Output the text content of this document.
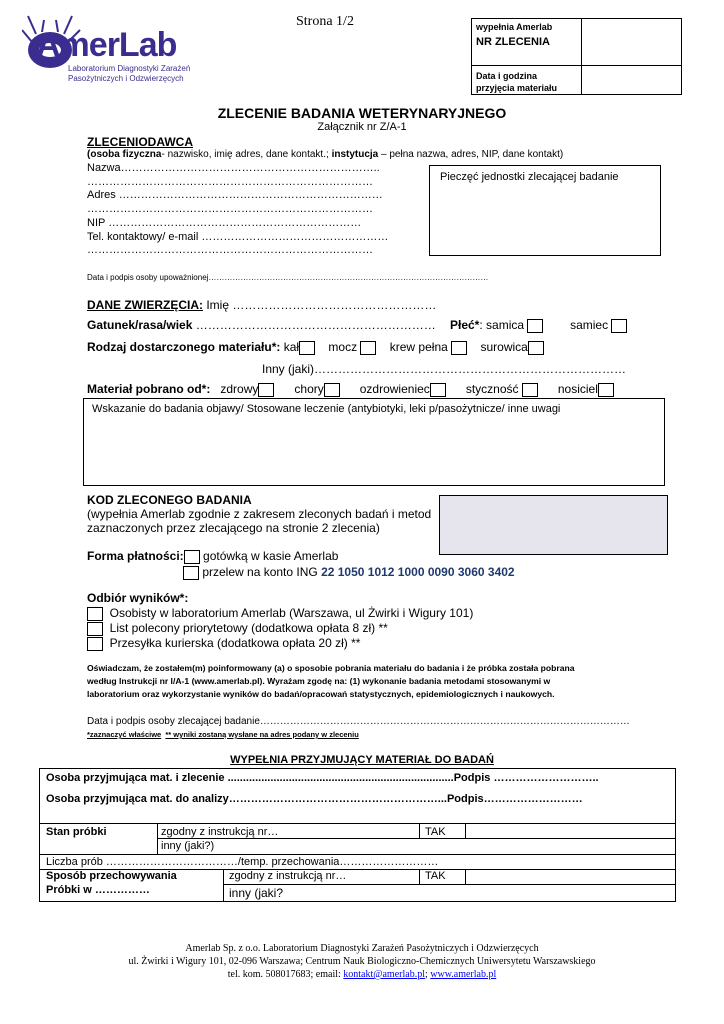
AmerLab
Laboratorium Diagnostyki Zarażeń
Pasożytniczych i Odzwierzęcych
Strona 1/2	wypełnia Amerlab
NR ZLECENIA
Data i godzina
przyjęcia materiału
ZLECENIE BADANIA WETERYNARYJNEGO
Załącznik nr Z/A-1
ZLECENIODAWCA
(osoba fizyczna- nazwisko, imię adres, dane kontakt.; instytucja – pełna nazwa, adres, NIP, dane kontakt)
Nazwa……………………………………………………………..
……………………………………………………………………
Adres ………………………………………………………………
……………………………………………………………………
NIP ……………………………………………………………
Tel. kontaktowy/ e-mail ……………………………………………
……………………………………………………………………
Pieczęć jednostki zlecającej badanie
Data i podpis osoby upoważnionej……………………………………………………………………………………………
DANE ZWIERZĘCIA: Imię ……………………………………………
Gatunek/rasa/wiek …………………………………………………… Płeć*: samica	samiec
Rodzaj dostarczonego materiału*: kał mocz	krew pełna	surowica
Inny (jaki)……………………………………………………………………
Materiał pobrano od*: zdrowy	chory	ozdrowieniec	styczność	nosiciel
Wskazanie do badania objawy/ Stosowane leczenie (antybiotyki, leki p/pasożytnicze/ inne uwagi
KOD ZLECONEGO BADANIA
(wypełnia Amerlab zgodnie z zakresem zleconych badań i metod
zaznaczonych przez zlecającego na stronie 2 zlecenia)
Forma płatności: gotówką w kasie Amerlab
przelew na konto ING 22 1050 1012 1000 0090 3060 3402
Odbiór wyników*:
Osobisty w laboratorium Amerlab (Warszawa, ul Żwirki i Wigury 101)
List polecony priorytetowy (dodatkowa opłata 8 zł) **
Przesyłka kurierska (dodatkowa opłata 20 zł) **
Oświadczam, że zostałem(m) poinformowany (a) o sposobie pobrania materiału do badania i że próbka została pobrana
według Instrukcji nr I/A-1 (www.amerlab.pl). Wyrażam zgodę na: (1) wykonanie badania metodami stosowanymi w
laboratorium oraz wykorzystanie wyników do badań/opracowań statystycznych, epidemiologicznych i naukowych.
Data i podpis osoby zlecającej badanie…………………………………………………………………………………………………
*zaznaczyć właściwe ** wyniki zostaną wysłane na adres podany w zleceniu
WYPEŁNIA PRZYJMUJĄCY MATERIAŁ DO BADAŃ
Osoba przyjmująca mat. i zlecenie ..........................................................................Podpis ………………………..
Osoba przyjmująca mat. do analizy…………………………………………………...Podpis………………………
Stan próbki	zgodny z instrukcją nr…	TAK
inny (jaki?)
Liczba prób ………………………………/temp. przechowania………………………
Sposób przechowywania
Próbki w ……………
zgodny z instrukcją nr…	TAK
inny (jaki?
Amerlab Sp. z o.o. Laboratorium Diagnostyki Zarażeń Pasożytniczych i Odzwierzęcych
ul. Żwirki i Wigury 101, 02-096 Warszawa; Centrum Nauk Biologiczno-Chemicznych Uniwersytetu Warszawskiego
tel. kom. 508017683; email: kontakt@amerlab.pl; www.amerlab.pl
